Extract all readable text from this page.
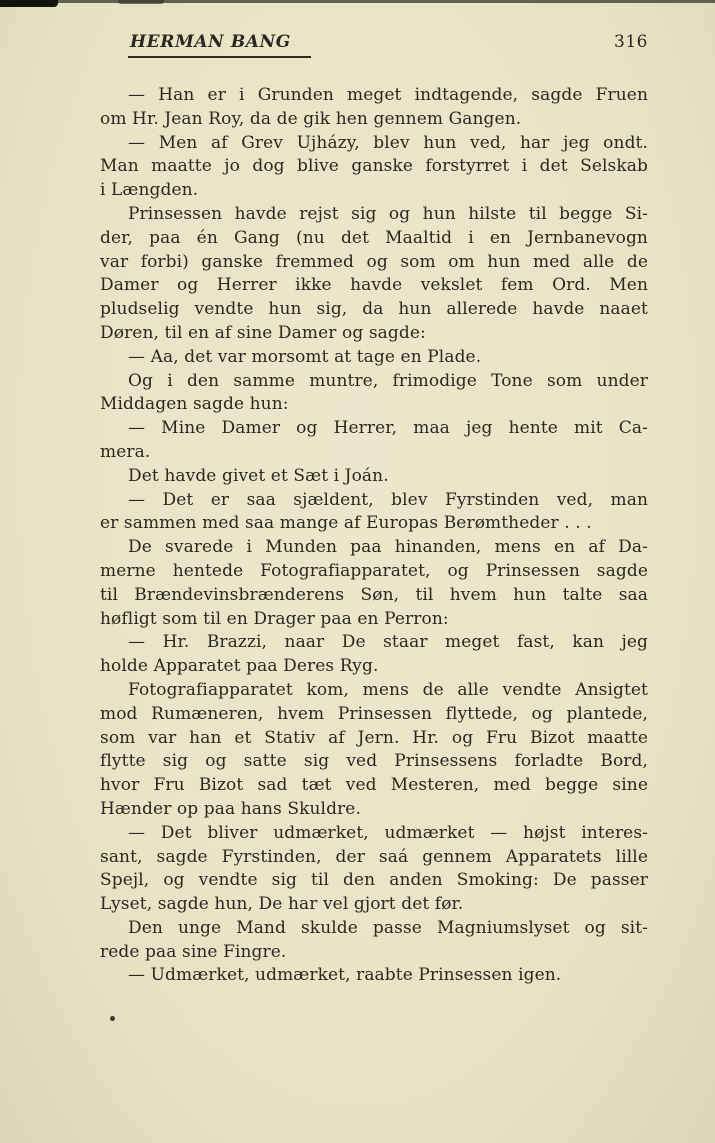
HERMAN BANG	316
— Han er i Grunden meget indtagende, sagde Fruen
om Hr. Jean Roy, da de gik hen gennem Gangen.
— Men af Grev Ujházy, blev hun ved, har jeg ondt.
Man maatte jo dog blive ganske forstyrret i det Selskab
i Længden.
Prinsessen havde rejst sig og hun hilste til begge Si-
der, paa én Gang (nu det Maaltid i en Jernbanevogn
var forbi) ganske fremmed og som om hun med alle de
Damer og Herrer ikke havde vekslet fem Ord. Men
pludselig vendte hun sig, da hun allerede havde naaet
Døren, til en af sine Damer og sagde:
— Aa, det var morsomt at tage en Plade.
Og i den samme muntre, frimodige Tone som under
Middagen sagde hun:
— Mine Damer og Herrer, maa jeg hente mit Ca-
mera.
Det havde givet et Sæt i Joán.
— Det er saa sjældent, blev Fyrstinden ved, man
er sammen med saa mange af Europas Berømtheder . . .
De svarede i Munden paa hinanden, mens en af Da-
merne hentede Fotografiapparatet, og Prinsessen sagde
til Brændevinsbrænderens Søn, til hvem hun talte saa
høfligt som til en Drager paa en Perron:
— Hr. Brazzi, naar De staar meget fast, kan jeg
holde Apparatet paa Deres Ryg.
Fotografiapparatet kom, mens de alle vendte Ansigtet
mod Rumæneren, hvem Prinsessen flyttede, og plantede,
som var han et Stativ af Jern. Hr. og Fru Bizot maatte
flytte sig og satte sig ved Prinsessens forladte Bord,
hvor Fru Bizot sad tæt ved Mesteren, med begge sine
Hænder op paa hans Skuldre.
— Det bliver udmærket, udmærket — højst interes-
sant, sagde Fyrstinden, der saá gennem Apparatets lille
Spejl, og vendte sig til den anden Smoking: De passer
Lyset, sagde hun, De har vel gjort det før.
Den unge Mand skulde passe Magniumslyset og sit-
rede paa sine Fingre.
— Udmærket, udmærket, raabte Prinsessen igen.
